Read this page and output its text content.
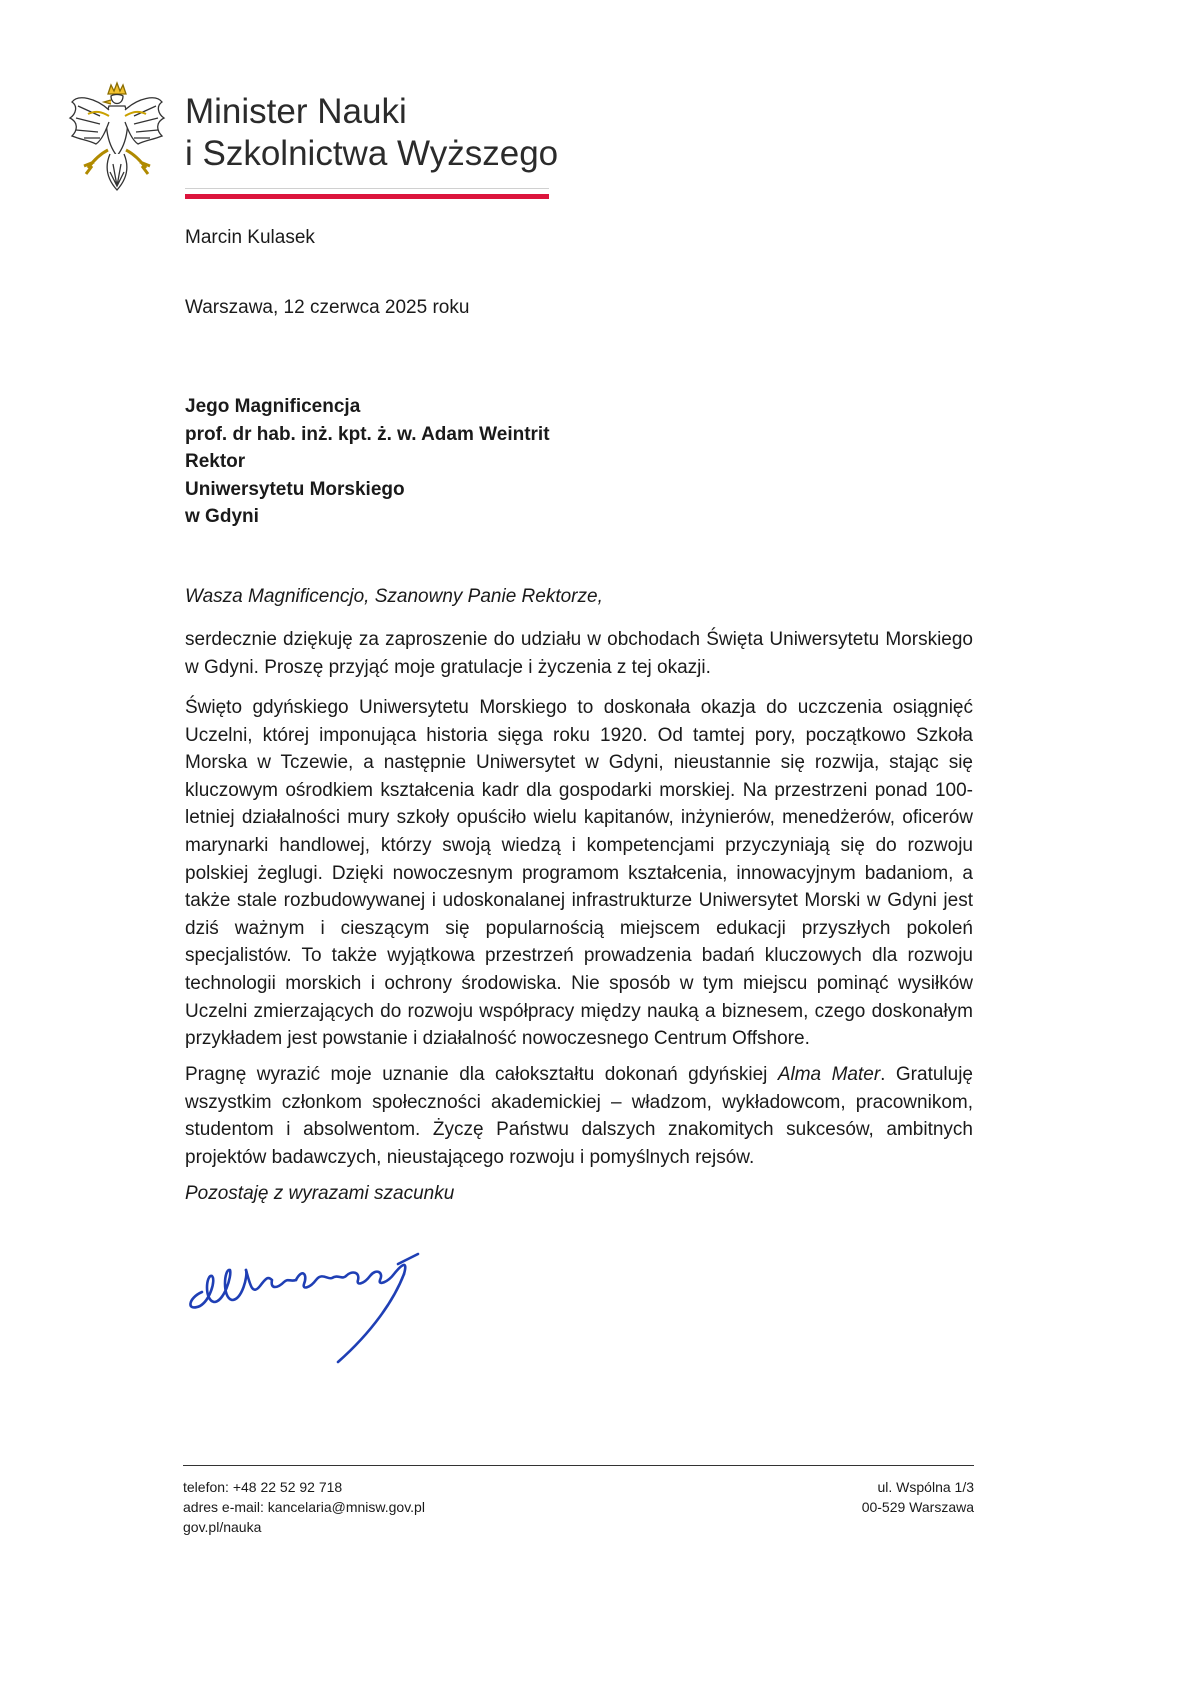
Minister Nauki
i Szkolnictwa Wyższego
Marcin Kulasek
Warszawa, 12 czerwca 2025 roku
Jego Magnificencja
prof. dr hab. inż. kpt. ż. w. Adam Weintrit
Rektor
Uniwersytetu Morskiego
w Gdyni
Wasza Magnificencjo, Szanowny Panie Rektorze,
serdecznie dziękuję za zaproszenie do udziału w obchodach Święta Uniwersytetu Morskiego w Gdyni. Proszę przyjąć moje gratulacje i życzenia z tej okazji.
Święto gdyńskiego Uniwersytetu Morskiego to doskonała okazja do uczczenia osiągnięć Uczelni, której imponująca historia sięga roku 1920. Od tamtej pory, początkowo Szkoła Morska w Tczewie, a następnie Uniwersytet w Gdyni, nieustannie się rozwija, stając się kluczowym ośrodkiem kształcenia kadr dla gospodarki morskiej. Na przestrzeni ponad 100-letniej działalności mury szkoły opuściło wielu kapitanów, inżynierów, menedżerów, oficerów marynarki handlowej, którzy swoją wiedzą i kompetencjami przyczyniają się do rozwoju polskiej żeglugi. Dzięki nowoczesnym programom kształcenia, innowacyjnym badaniom, a także stale rozbudowywanej i udoskonalanej infrastrukturze Uniwersytet Morski w Gdyni jest dziś ważnym i cieszącym się popularnością miejscem edukacji przyszłych pokoleń specjalistów. To także wyjątkowa przestrzeń prowadzenia badań kluczowych dla rozwoju technologii morskich i ochrony środowiska. Nie sposób w tym miejscu pominąć wysiłków Uczelni zmierzających do rozwoju współpracy między nauką a biznesem, czego doskonałym przykładem jest powstanie i działalność nowoczesnego Centrum Offshore.
Pragnę wyrazić moje uznanie dla całokształtu dokonań gdyńskiej Alma Mater. Gratuluję wszystkim członkom społeczności akademickiej – władzom, wykładowcom, pracownikom, studentom i absolwentom. Życzę Państwu dalszych znakomitych sukcesów, ambitnych projektów badawczych, nieustającego rozwoju i pomyślnych rejsów.
Pozostaję z wyrazami szacunku
telefon: +48 22 52 92 718
adres e-mail: kancelaria@mnisw.gov.pl
gov.pl/nauka
ul. Wspólna 1/3
00-529 Warszawa
